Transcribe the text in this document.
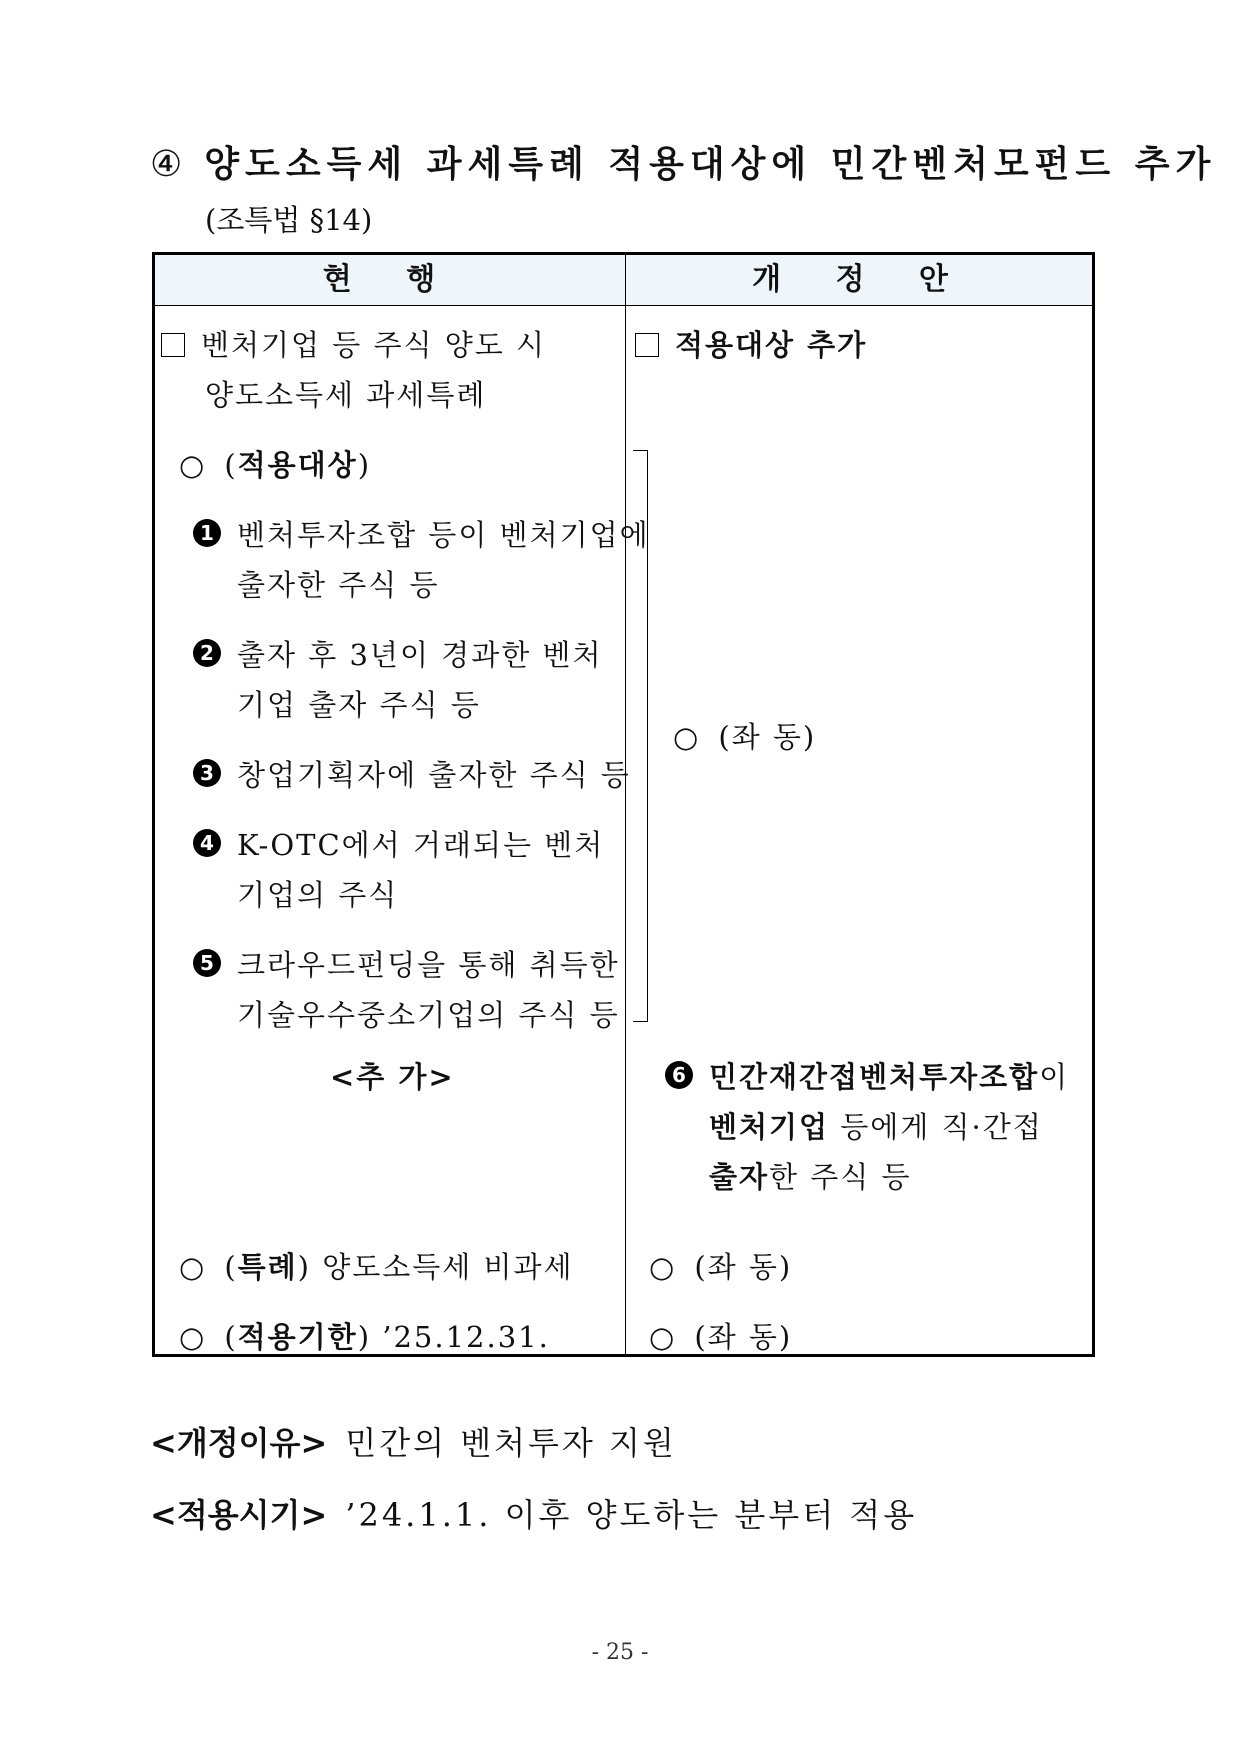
④ 양도소득세 과세특례 적용대상에 민간벤처모펀드 추가
(조특법 §14)
현 행	개 정 안
벤처기업 등 주식 양도 시
양도소득세 과세특례
○ (적용대상)
1 벤처투자조합 등이 벤처기업에
출자한 주식 등
2 출자 후 3년이 경과한 벤처
기업 출자 주식 등
3 창업기획자에 출자한 주식 등
4 K-OTC에서 거래되는 벤처
기업의 주식
5 크라우드펀딩을 통해 취득한
기술우수중소기업의 주식 등
<추 가>
○ (특례) 양도소득세 비과세
○ (적용기한) ’25.12.31.
적용대상 추가
○ (좌 동)
6 민간재간접벤처투자조합이
벤처기업 등에게 직·간접
출자한 주식 등
○ (좌 동)
○ (좌 동)
<개정이유> 민간의 벤처투자 지원
<적용시기> ’24.1.1. 이후 양도하는 분부터 적용
- 25 -
